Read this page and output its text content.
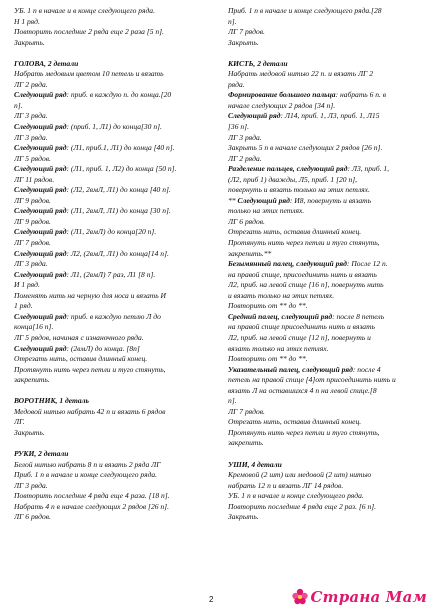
УБ. 1 п в начале и в конце следующего ряда.
Н 1 ряд.
Повторить последние 2 ряда еще 2 раза [5 п].
Закрыть.
ГОЛОВА, 2 детали
Набрать медовым цветом 10 петель и вязать
ЛГ 2 ряда.
Следующий ряд: приб. в каждую п. до конца.[20
п].
ЛГ 3 ряда.
Следующий ряд: (приб. 1, Л1) до конца[30 п].
ЛГ 3 ряда.
Следующий ряд: (Л1, приб.1, Л1) до конца [40 п].
ЛГ 5 рядов.
Следующий ряд: (Л1, приб. 1, Л2) до конца [50 п].
ЛГ 11 рядов.
Следующий ряд: (Л2, 2вмЛ, Л1) до конца [40 п].
ЛГ 9 рядов.
Следующий ряд: (Л1, 2вмЛ, Л1) до конца [30 п].
ЛГ 9 рядов.
Следующий ряд: (Л1, 2вмЛ) до конца[20 п].
ЛГ 7 рядов.
Следующий ряд: Л2, (2вмЛ, Л1) до конца[14 п].
ЛГ 3 ряда.
Следующий ряд: Л1, (2вмЛ) 7 раз, Л1 [8 п].
И 1 ряд.
Поменять нить на черную для носа и вязать И
1 ряд.
Следующий ряд: приб. в каждую петлю Л до
конца[16 п].
ЛГ 5 рядов, начиная с изнаночного ряда.
Следующий ряд: (2вмЛ) до конца. [8п]
Отрезать нить, оставив длинный конец.
Протянуть нить через петли и туго стянуть,
закрепить.
ВОРОТНИК, 1 деталь
Медовой нитью набрать 42 п и вязать 6 рядов
ЛГ.
Закрыть.
РУКИ, 2 детали
Белой нитью набрать 8 п и вязать 2 ряда ЛГ
Приб. 1 п в начале и конце следующего ряда.
ЛГ 3 ряда.
Повторить последние 4 ряда еще 4 раза. [18 п].
Набрать 4 п в начале следующих 2 рядов [26 п].
ЛГ 6 рядов.
Приб. 1 п в начале и конце следующего ряда.[28
п].
ЛГ 7 рядов.
Закрыть.
КИСТЬ, 2 детали
Набрать медовой нитью 22 п. и вязать ЛГ 2
ряда.
Формирование большого пальца: набрать 6 п. в
начале следующих 2 рядов [34 п].
Следующий ряд: Л14, приб. 1, Л3, приб. 1, Л15
[36 п].
ЛГ 3 ряда.
Закрыть 5 п в начале следующих 2 рядов [26 п].
ЛГ 2 ряда.
Разделение пальцев, следующий ряд: Л3, приб. 1,
(Л2, приб 1) дважды, Л5, приб. 1 [20 п],
повернуть и вязать только на этих петлях.
** Следующий ряд: И8, повернуть и вязать
только на этих петлях.
ЛГ 6 рядов.
Отрезать нить, оставив длинный конец.
Протянуть нить через петли и туго стянуть,
закрепить.**
Безымянный палец, следующий ряд: После 12 п.
на правой спице, присоединить нить и вязать
Л2, приб. на левой спице [16 п], повернуть нить
и вязать только на этих петлях.
Повторить от ** до **.
Средний палец, следующий ряд: после 8 петель
на правой спице присоединить нить и вязать
Л2, приб. на левой спице [12 п], повернуть и
вязать только на этих петлях.
Повторить от ** до **.
Указательный палец, следующий ряд: после 4
петель на правой спице [4]от присоединить нить и
вязать Л на оставшихся 4 п на левой спице.[8
п].
ЛГ 7 рядов.
Отрезать нить, оставив длинный конец.
Протянуть нить через петли и туго стянуть,
закрепить.
УШИ, 4 детали
Кремовой (2 шт) или медовой (2 шт) нитью
набрать 12 п и вязать ЛГ 14 рядов.
УБ. 1 п в начале и конце следующего ряда.
Повторить последние 4 ряда еще 2 раз. [6 п].
Закрыть.
2	Страна Мам
